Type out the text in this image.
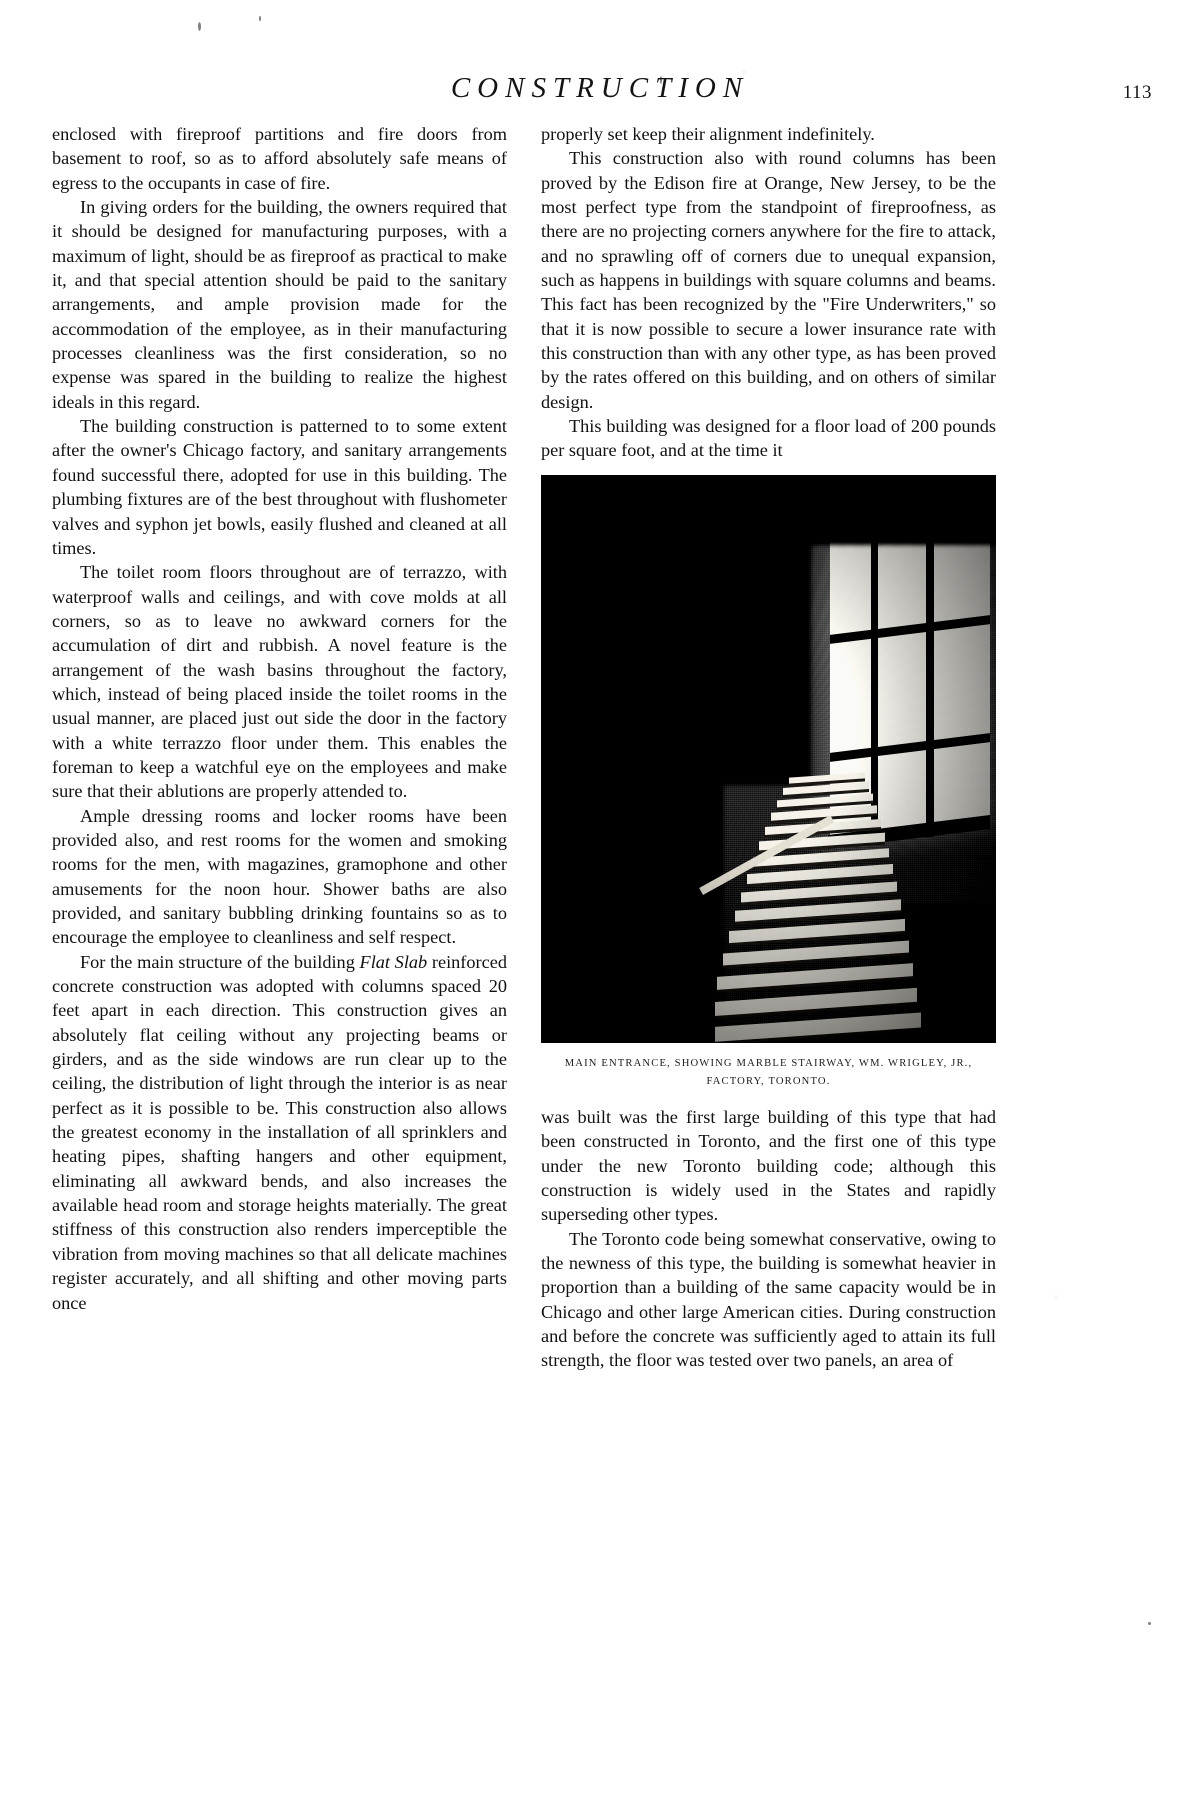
CONSTRUCTION	113

enclosed with fireproof partitions and fire doors from basement to roof, so as to afford absolutely safe means of egress to the occupants in case of fire.

In giving orders for the building, the owners required that it should be designed for manufacturing purposes, with a maximum of light, should be as fireproof as practical to make it, and that special attention should be paid to the sanitary arrangements, and ample provision made for the accommodation of the employee, as in their manufacturing processes cleanliness was the first consideration, so no expense was spared in the building to realize the highest ideals in this regard.

The building construction is patterned to to some extent after the owner's Chicago factory, and sanitary arrangements found successful there, adopted for use in this building. The plumbing fixtures are of the best throughout with flushometer valves and syphon jet bowls, easily flushed and cleaned at all times.

The toilet room floors throughout are of terrazzo, with waterproof walls and ceilings, and with cove molds at all corners, so as to leave no awkward corners for the accumulation of dirt and rubbish. A novel feature is the arrangement of the wash basins throughout the factory, which, instead of being placed inside the toilet rooms in the usual manner, are placed just out side the door in the factory with a white terrazzo floor under them. This enables the foreman to keep a watchful eye on the employees and make sure that their ablutions are properly attended to.

Ample dressing rooms and locker rooms have been provided also, and rest rooms for the women and smoking rooms for the men, with magazines, gramophone and other amusements for the noon hour. Shower baths are also provided, and sanitary bubbling drinking fountains so as to encourage the employee to cleanliness and self respect.

For the main structure of the building Flat Slab reinforced concrete construction was adopted with columns spaced 20 feet apart in each direction. This construction gives an absolutely flat ceiling without any projecting beams or girders, and as the side windows are run clear up to the ceiling, the distribution of light through the interior is as near perfect as it is possible to be. This construction also allows the greatest economy in the installation of all sprinklers and heating pipes, shafting hangers and other equipment, eliminating all awkward bends, and also increases the available head room and storage heights materially. The great stiffness of this construction also renders imperceptible the vibration from moving machines so that all delicate machines register accurately, and all shifting and other moving parts once

properly set keep their alignment indefinitely.

This construction also with round columns has been proved by the Edison fire at Orange, New Jersey, to be the most perfect type from the standpoint of fireproofness, as there are no projecting corners anywhere for the fire to attack, and no sprawling off of corners due to unequal expansion, such as happens in buildings with square columns and beams. This fact has been recognized by the "Fire Underwriters," so that it is now possible to secure a lower insurance rate with this construction than with any other type, as has been proved by the rates offered on this building, and on others of similar design.

This building was designed for a floor load of 200 pounds per square foot, and at the time it

MAIN ENTRANCE, SHOWING MARBLE STAIRWAY, WM. WRIGLEY, JR.,
FACTORY, TORONTO.

was built was the first large building of this type that had been constructed in Toronto, and the first one of this type under the new Toronto building code; although this construction is widely used in the States and rapidly superseding other types.

The Toronto code being somewhat conservative, owing to the newness of this type, the building is somewhat heavier in proportion than a building of the same capacity would be in Chicago and other large American cities. During construction and before the concrete was sufficiently aged to attain its full strength, the floor was tested over two panels, an area of
